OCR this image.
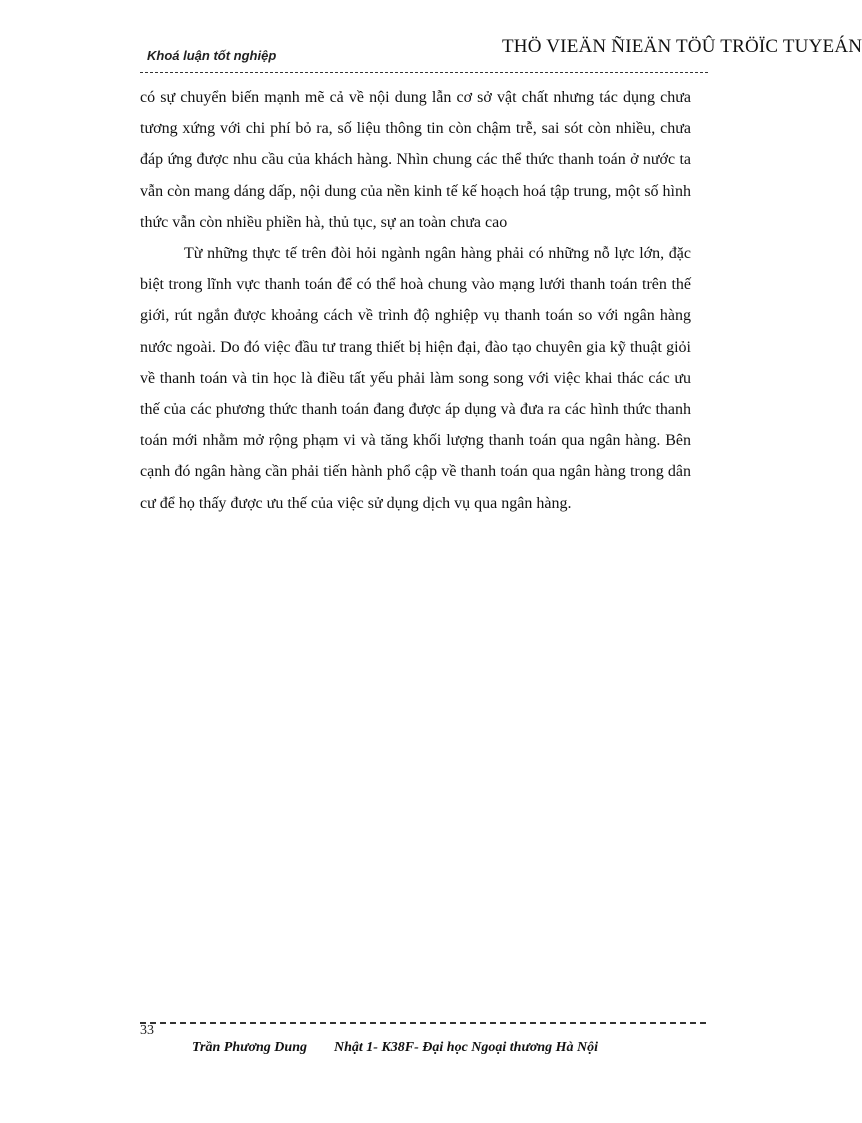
Khoá luận tốt nghiệp	THÖ VIEÄN ÑIEÄN TÖÛ TRÖÏC TUYEÁN

có sự chuyển biến mạnh mẽ cả về nội dung lẫn cơ sở vật chất nhưng tác dụng chưa tương xứng với chi phí bỏ ra, số liệu thông tin còn chậm trễ, sai sót còn nhiều, chưa đáp ứng được nhu cầu của khách hàng. Nhìn chung các thể thức thanh toán ở nước ta vẫn còn mang dáng dấp, nội dung của nền kinh tế kế hoạch hoá tập trung, một số hình thức vẫn còn nhiều phiền hà, thủ tục, sự an toàn chưa cao

Từ những thực tế trên đòi hỏi ngành ngân hàng phải có những nỗ lực lớn, đặc biệt trong lĩnh vực thanh toán để có thể hoà chung vào mạng lưới thanh toán trên thế giới, rút ngắn được khoảng cách về trình độ nghiệp vụ thanh toán so với ngân hàng nước ngoài. Do đó việc đầu tư trang thiết bị hiện đại, đào tạo chuyên gia kỹ thuật giỏi về thanh toán và tin học là điều tất yếu phải làm song song với việc khai thác các ưu thế của các phương thức thanh toán đang được áp dụng và đưa ra các hình thức thanh toán mới nhằm mở rộng phạm vi và tăng khối lượng thanh toán qua ngân hàng. Bên cạnh đó ngân hàng cần phải tiến hành phổ cập về thanh toán qua ngân hàng trong dân cư để họ thấy được ưu thế của việc sử dụng dịch vụ qua ngân hàng.

33
Trần Phương Dung Nhật 1- K38F- Đại học Ngoại thương Hà Nội
